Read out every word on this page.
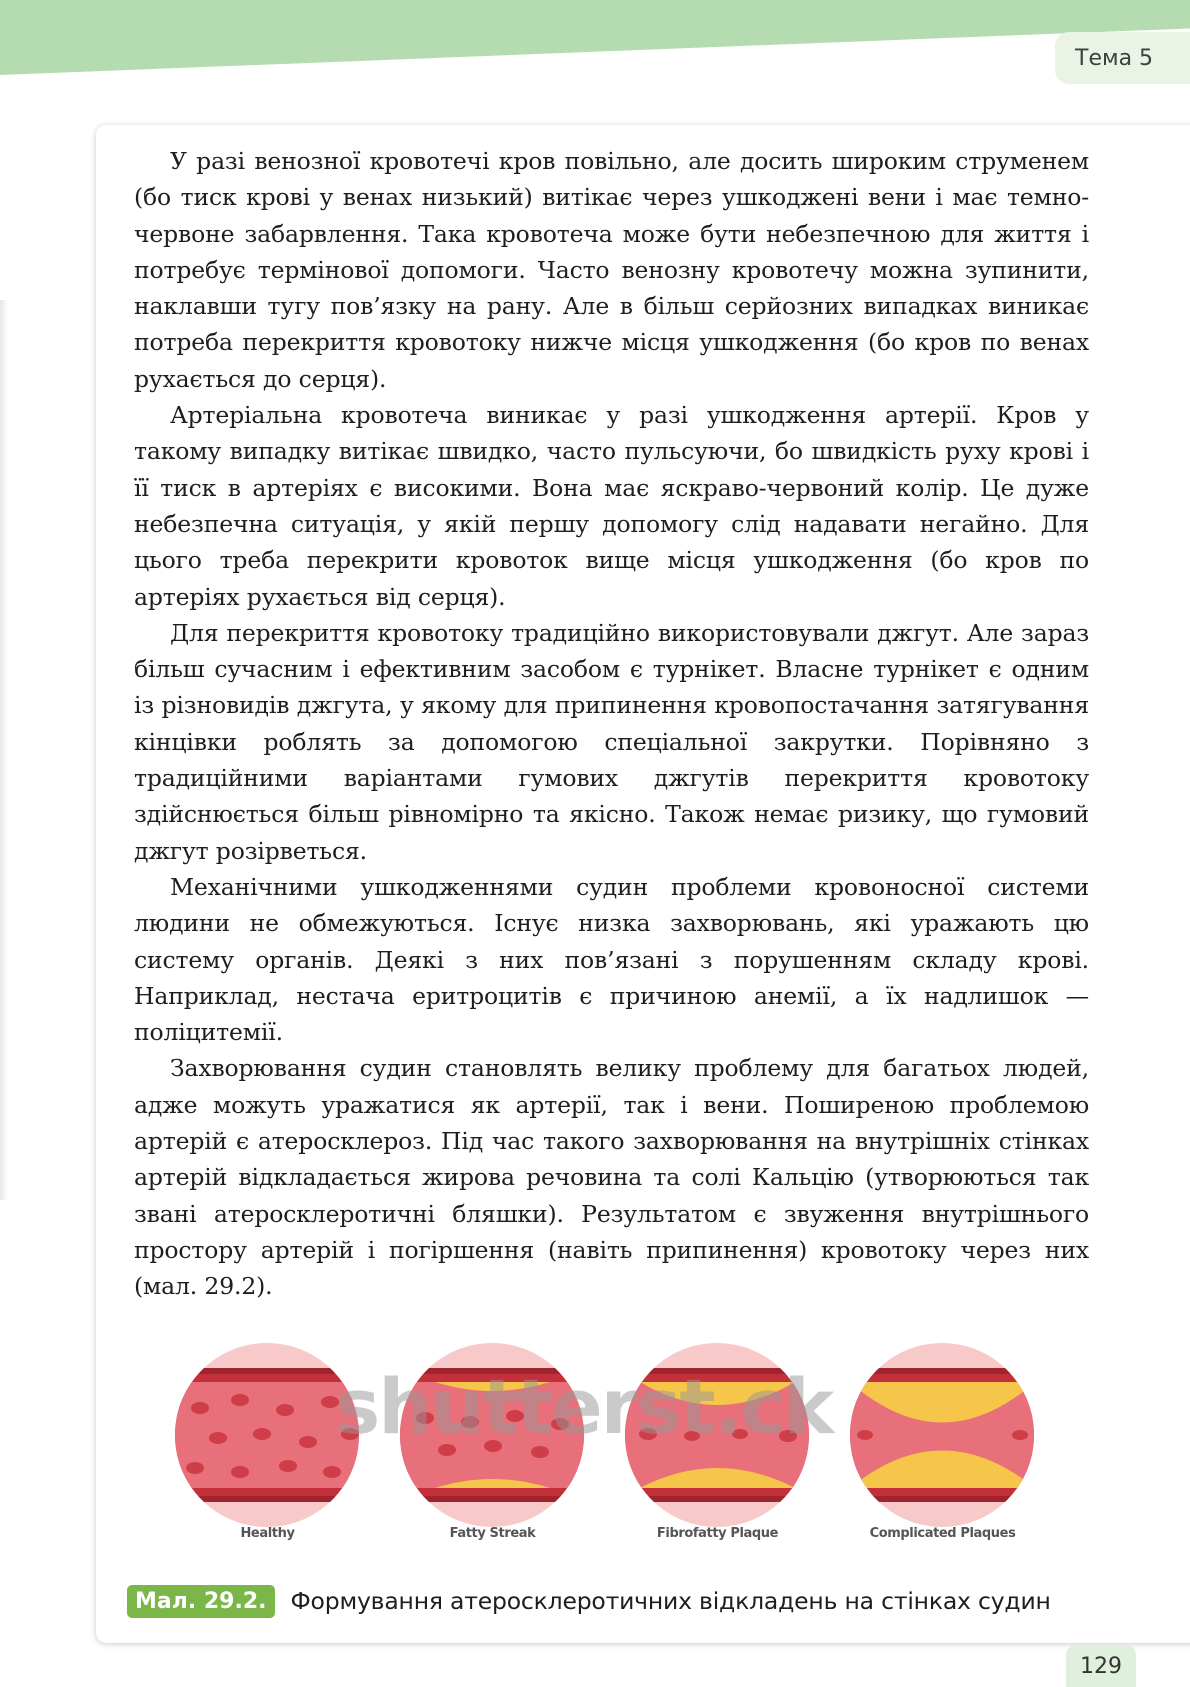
Тема 5

У разі венозної кровотечі кров повільно, але досить широким струменем (бо тиск крові у венах низький) витікає через ушкоджені вени і має темно-червоне забарвлення. Така кровотеча може бути небезпечною для життя і потребує термінової допомоги. Часто венозну кровотечу можна зупинити, наклавши тугу пов’язку на рану. Але в більш серйозних випадках виникає потреба перекриття кровотоку нижче місця ушкодження (бо кров по венах рухається до серця).

Артеріальна кровотеча виникає у разі ушкодження артерії. Кров у такому випадку витікає швидко, часто пульсуючи, бо швидкість руху крові і її тиск в артеріях є високими. Вона має яскраво-червоний колір. Це дуже небезпечна ситуація, у якій першу допомогу слід надавати негайно. Для цього треба перекрити кровоток вище місця ушкодження (бо кров по артеріях рухається від серця).

Для перекриття кровотоку традиційно використовували джгут. Але зараз більш сучасним і ефективним засобом є турнікет. Власне турнікет є одним із різновидів джгута, у якому для припинення кровопостачання затягування кінцівки роблять за допомогою спеціальної закрутки. Порівняно з традиційними варіантами гумових джгутів перекриття кровотоку здійснюється більш рівномірно та якісно. Також немає ризику, що гумовий джгут розірветься.

Механічними ушкодженнями судин проблеми кровоносної системи людини не обмежуються. Існує низка захворювань, які уражають цю систему органів. Деякі з них пов’язані з порушенням складу крові. Наприклад, нестача еритроцитів є причиною анемії, а їх надлишок — поліцитемії.

Захворювання судин становлять велику проблему для багатьох людей, адже можуть уражатися як артерії, так і вени. Поширеною проблемою артерій є атеросклероз. Під час такого захворювання на внутрішніх стінках артерій відкладається жирова речовина та солі Кальцію (утворюються так звані атеросклеротичні бляшки). Результатом є звуження внутрішнього простору артерій і погіршення (навіть припинення) кровотоку через них (мал. 29.2).

Healthy	Fatty Streak	Fibrofatty Plaque	Complicated Plaques
shutterst.ck
Мал. 29.2.	Формування атеросклеротичних відкладень на стінках судин
129
